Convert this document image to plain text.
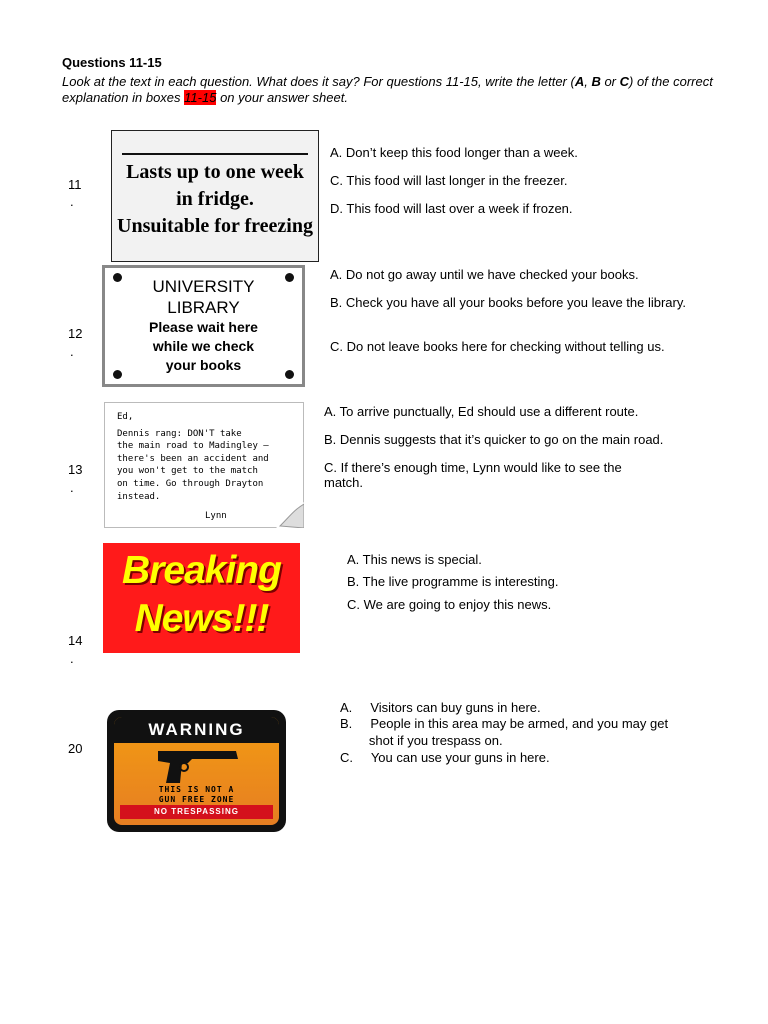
Questions 11-15
Look at the text in each question. What does it say? For questions 11-15, write the letter (A, B or C) of the correct explanation in boxes 11-15 on your answer sheet.
11
.
Lasts up to one week
in fridge.
Unsuitable for freezing
A. Don’t keep this food longer than a week.
C. This food will last longer in the freezer.
D. This food will last over a week if frozen.
12
.
UNIVERSITY
LIBRARY
Please wait here
while we check
your books
A. Do not go away until we have checked your books.
B. Check you have all your books before you leave the library.
C. Do not leave books here for checking without telling us.
13
.
Ed,
Dennis rang: DON'T take
the main road to Madingley –
there's been an accident and
you won't get to the match
on time. Go through Drayton
instead.
Lynn
A. To arrive punctually, Ed should use a different route.
B. Dennis suggests that it’s quicker to go on the main road.
C. If there’s enough time, Lynn would like to see the match.
14
.
Breaking
News!!!
A. This news is special.
B. The live programme is interesting.
C. We are going to enjoy this news.
20
WARNING
THIS IS NOT A
GUN FREE ZONE
NO TRESPASSING
A.     Visitors can buy guns in here.
B.     People in this area may be armed, and you may get
shot if you trespass on.
C.     You can use your guns in here.
